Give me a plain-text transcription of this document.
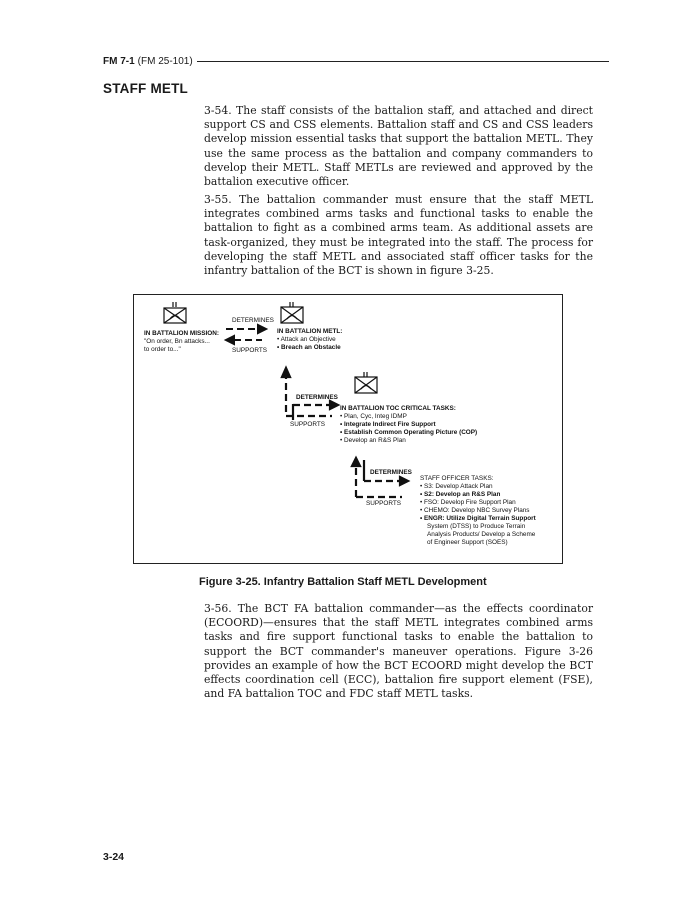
FM 7-1 (FM 25-101)
STAFF METL
3-54. The staff consists of the battalion staff, and attached and direct support CS and CSS elements. Battalion staff and CS and CSS leaders develop mission essential tasks that support the battalion METL. They use the same process as the battalion and company commanders to develop their METL. Staff METLs are reviewed and approved by the battalion executive officer.
3-55. The battalion commander must ensure that the staff METL integrates combined arms tasks and functional tasks to enable the battalion to fight as a combined arms team. As additional assets are task-organized, they must be integrated into the staff. The process for developing the staff METL and associated staff officer tasks for the infantry battalion of the BCT is shown in figure 3-25.
IN BATTALION MISSION:
"On order, Bn attacks...
to order to..."
DETERMINES
SUPPORTS
IN BATTALION METL:
• Attack an Objective
• Breach an Obstacle
DETERMINES
SUPPORTS
IN BATTALION TOC CRITICAL TASKS:
• Plan, Cyc, Integ IDMP
• Integrate Indirect Fire Support
• Establish Common Operating Picture (COP)
• Develop an R&S Plan
DETERMINES
SUPPORTS
STAFF OFFICER TASKS:
• S3: Develop Attack Plan
• S2: Develop an R&S Plan
• FSO: Develop Fire Support Plan
• CHEMO: Develop NBC Survey Plans
• ENGR: Utilize Digital Terrain Support
System (DTSS) to Produce Terrain
Analysis Products/ Develop a Scheme
of Engineer Support (SOES)
Figure 3-25. Infantry Battalion Staff METL Development
3-56. The BCT FA battalion commander—as the effects coordinator (ECOORD)—ensures that the staff METL integrates combined arms tasks and fire support functional tasks to enable the battalion to support the BCT commander's maneuver operations. Figure 3-26 provides an example of how the BCT ECOORD might develop the BCT effects coordination cell (ECC), battalion fire support element (FSE), and FA battalion TOC and FDC staff METL tasks.
3-24
